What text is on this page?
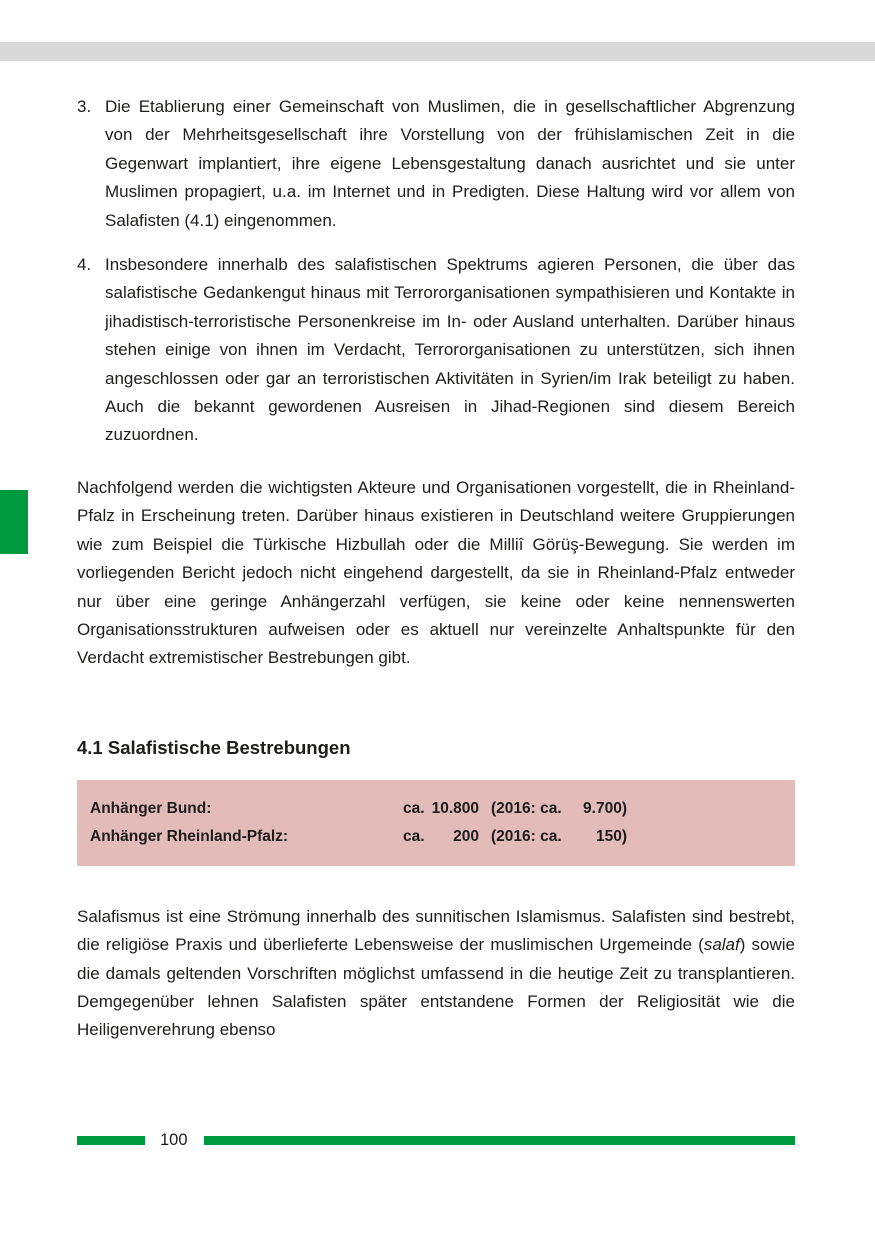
3. Die Etablierung einer Gemeinschaft von Muslimen, die in gesellschaftlicher Abgrenzung von der Mehrheitsgesellschaft ihre Vorstellung von der frühislamischen Zeit in die Gegenwart implantiert, ihre eigene Lebensgestaltung danach ausrichtet und sie unter Muslimen propagiert, u.a. im Internet und in Predigten. Diese Haltung wird vor allem von Salafisten (4.1) eingenommen.
4. Insbesondere innerhalb des salafistischen Spektrums agieren Personen, die über das salafistische Gedankengut hinaus mit Terrororganisationen sympathisieren und Kontakte in jihadistisch-terroristische Personenkreise im In- oder Ausland unterhalten. Darüber hinaus stehen einige von ihnen im Verdacht, Terrororganisationen zu unterstützen, sich ihnen angeschlossen oder gar an terroristischen Aktivitäten in Syrien/im Irak beteiligt zu haben. Auch die bekannt gewordenen Ausreisen in Jihad-Regionen sind diesem Bereich zuzuordnen.

Nachfolgend werden die wichtigsten Akteure und Organisationen vorgestellt, die in Rheinland-Pfalz in Erscheinung treten. Darüber hinaus existieren in Deutschland weitere Gruppierungen wie zum Beispiel die Türkische Hizbullah oder die Milliî Görüş-Bewegung. Sie werden im vorliegenden Bericht jedoch nicht eingehend dargestellt, da sie in Rheinland-Pfalz entweder nur über eine geringe Anhängerzahl verfügen, sie keine oder keine nennenswerten Organisationsstrukturen aufweisen oder es aktuell nur vereinzelte Anhaltspunkte für den Verdacht extremistischer Bestrebungen gibt.

4.1 Salafistische Bestrebungen
Anhänger Bund:	ca. 10.800 (2016: ca. 9.700)
Anhänger Rheinland-Pfalz:	ca. 200 (2016: ca. 150)

Salafismus ist eine Strömung innerhalb des sunnitischen Islamismus. Salafisten sind bestrebt, die religiöse Praxis und überlieferte Lebensweise der muslimischen Urgemeinde (salaf) sowie die damals geltenden Vorschriften möglichst umfassend in die heutige Zeit zu transplantieren. Demgegenüber lehnen Salafisten später entstandene Formen der Religiosität wie die Heiligenverehrung ebenso

100
